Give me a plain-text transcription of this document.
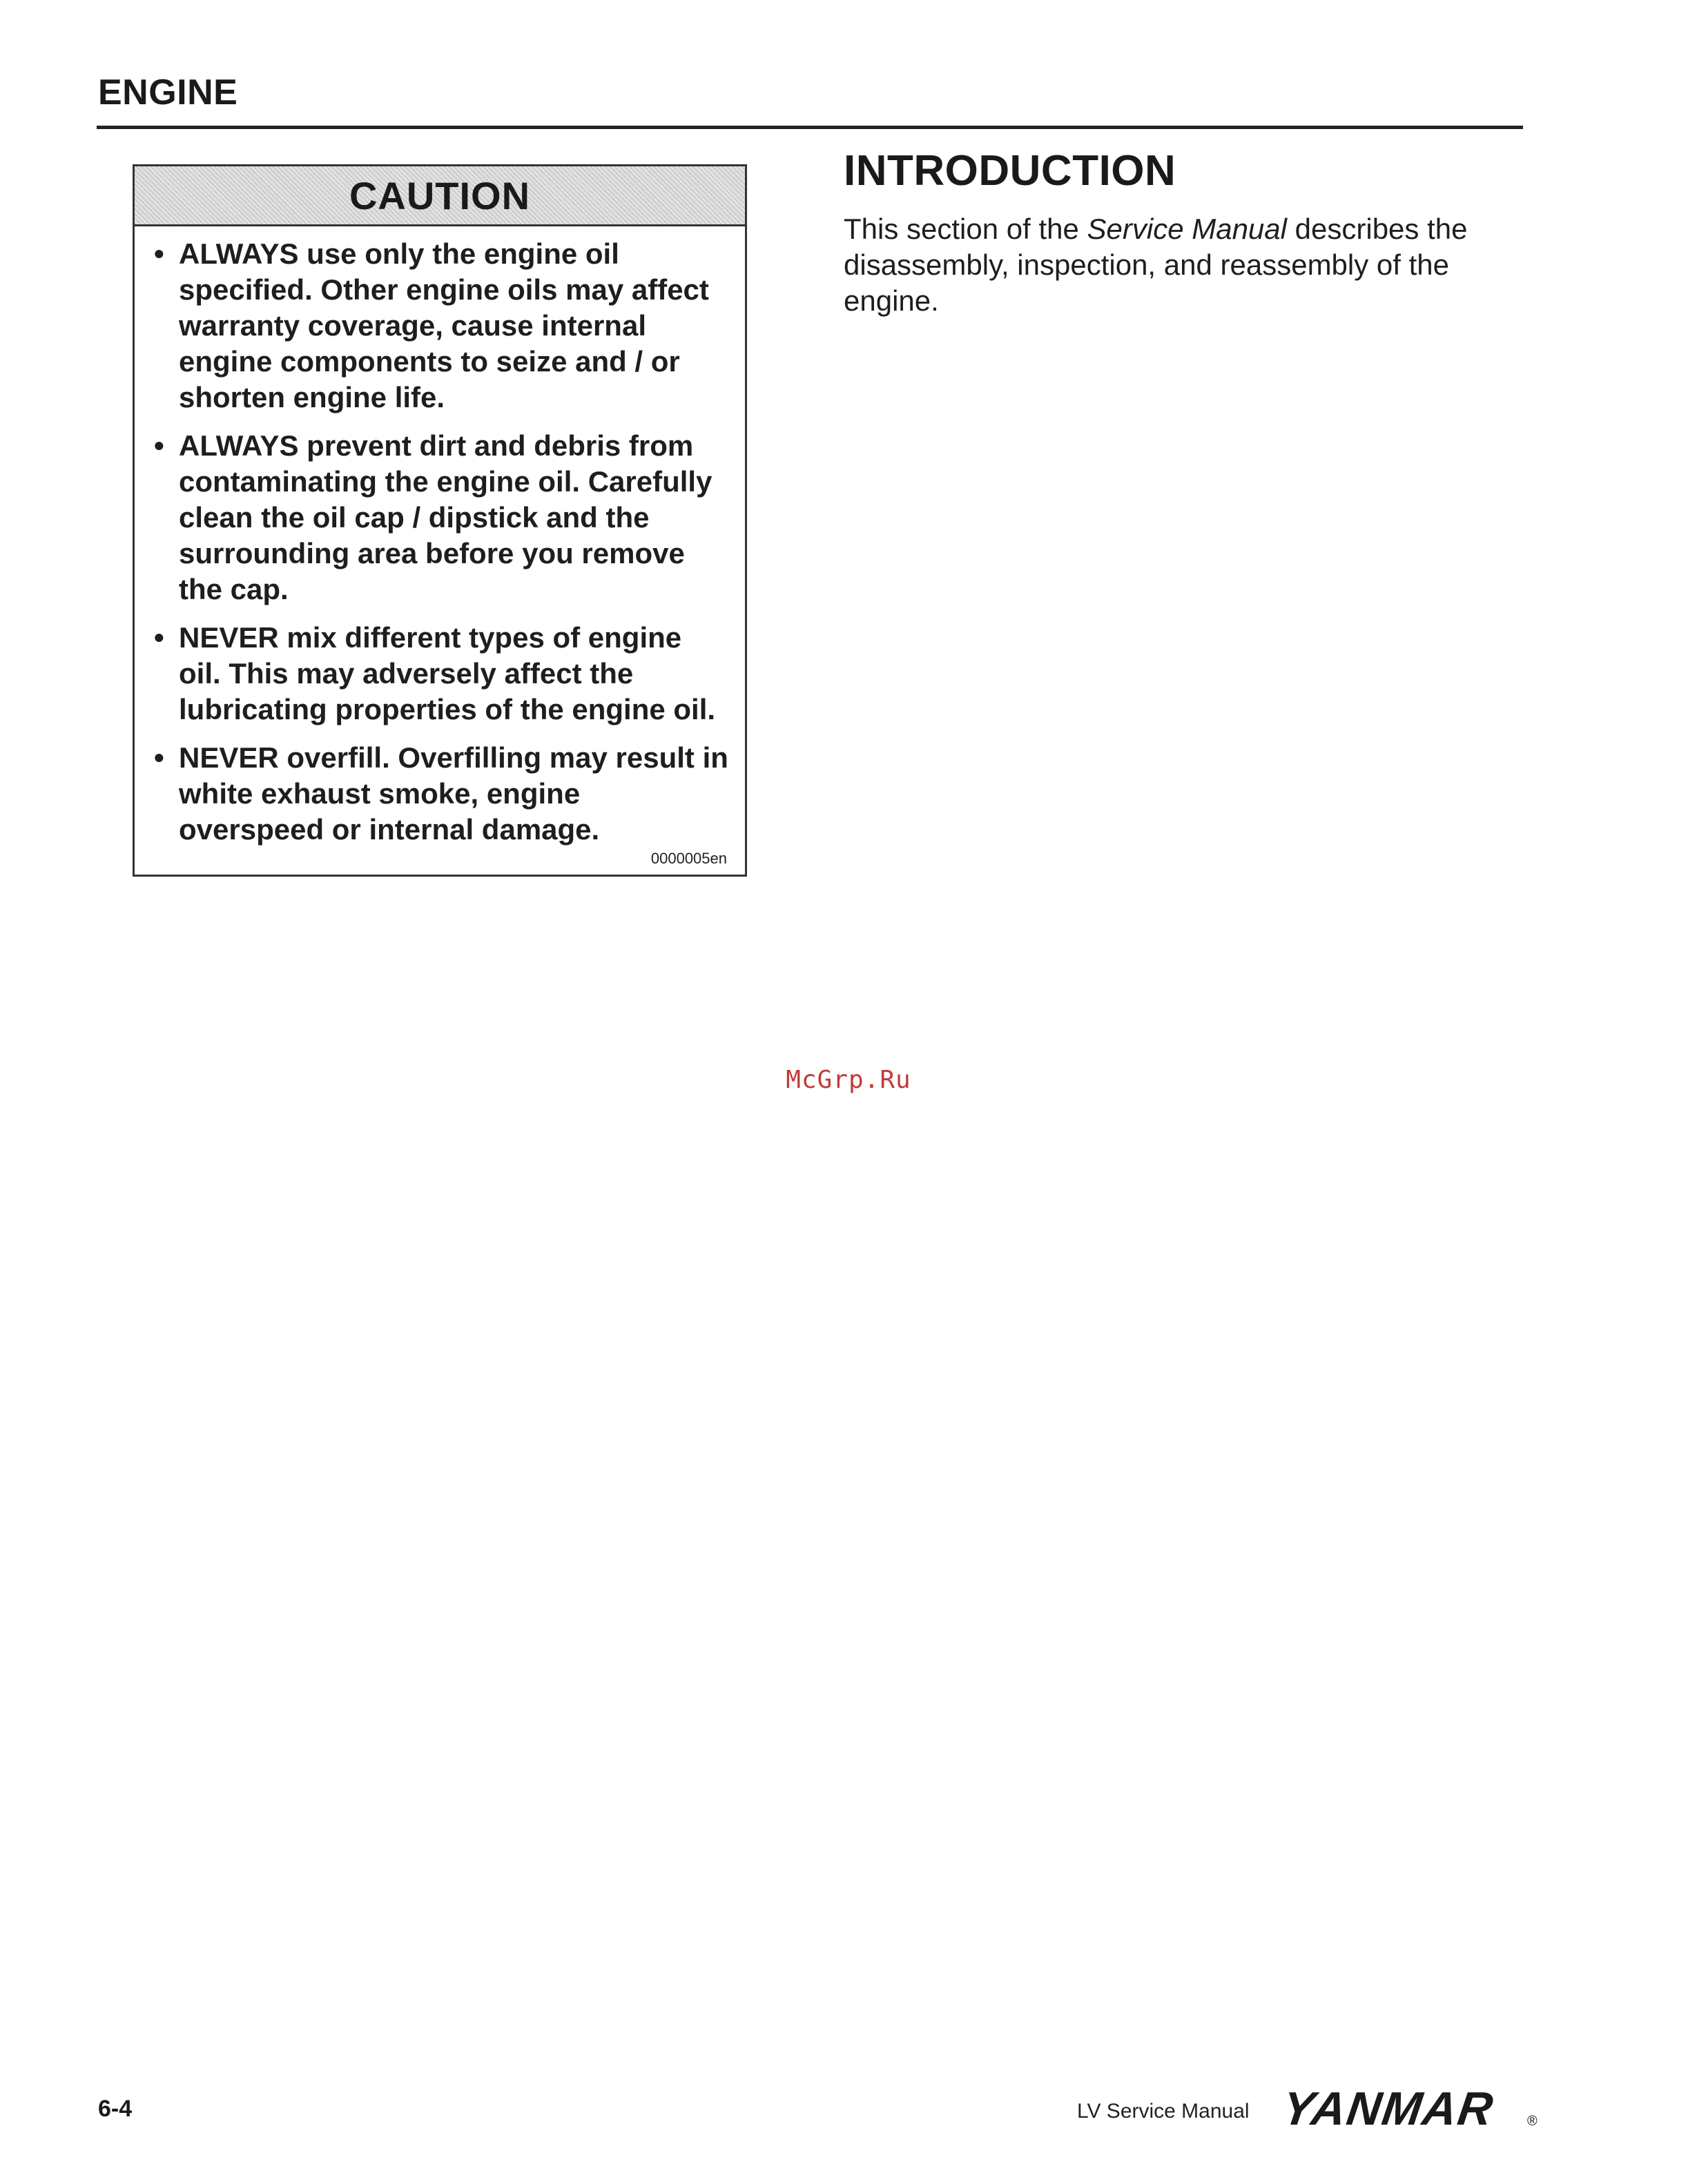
ENGINE
CAUTION
• ALWAYS use only the engine oil specified. Other engine oils may affect warranty coverage, cause internal engine components to seize and / or shorten engine life.
• ALWAYS prevent dirt and debris from contaminating the engine oil. Carefully clean the oil cap / dipstick and the surrounding area before you remove the cap.
• NEVER mix different types of engine oil. This may adversely affect the lubricating properties of the engine oil.
• NEVER overfill. Overfilling may result in white exhaust smoke, engine overspeed or internal damage.
0000005en
INTRODUCTION

This section of the Service Manual describes the disassembly, inspection, and reassembly of the engine.

McGrp.Ru
6-4	LV Service Manual YANMAR ®
